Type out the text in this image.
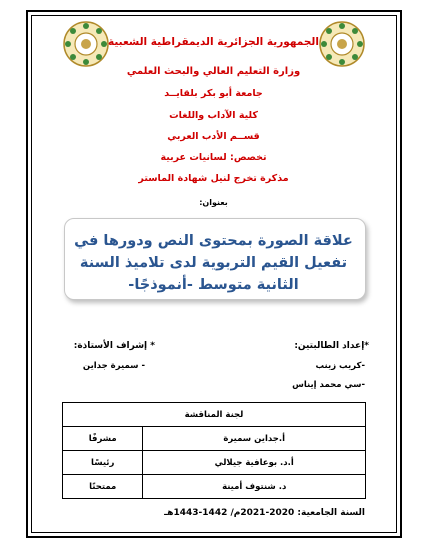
الجمهورية الجزائرية الديمقراطية الشعبية
وزارة التعليم العالي والبحث العلمي
جامعة أبو بكر بلقايــد
كلية الآداب واللغات
قســم الأدب العربي
تخصص: لسانيات عربية
مذكرة تخرج لنيل شهادة الماستر
بعنوان:
علاقة الصورة بمحتوى النص ودورها في
تفعيل القيم التربوية لدى تلاميذ السنة
الثانية متوسط -أنموذجًا-
*إعداد الطالبتين:
-كريب زينب
-سي محمد إيناس
* إشراف الأستاذة:
- سميرة جداين
لجنة المناقشة	
أ.جداين سميرة	مشرفًا
أ.د. بوعافية جيلالي	رئيسًا
د. شنتوف أمينة	ممتحنًا
السنة الجامعية: 2020-2021م/ 1442-1443هـ
